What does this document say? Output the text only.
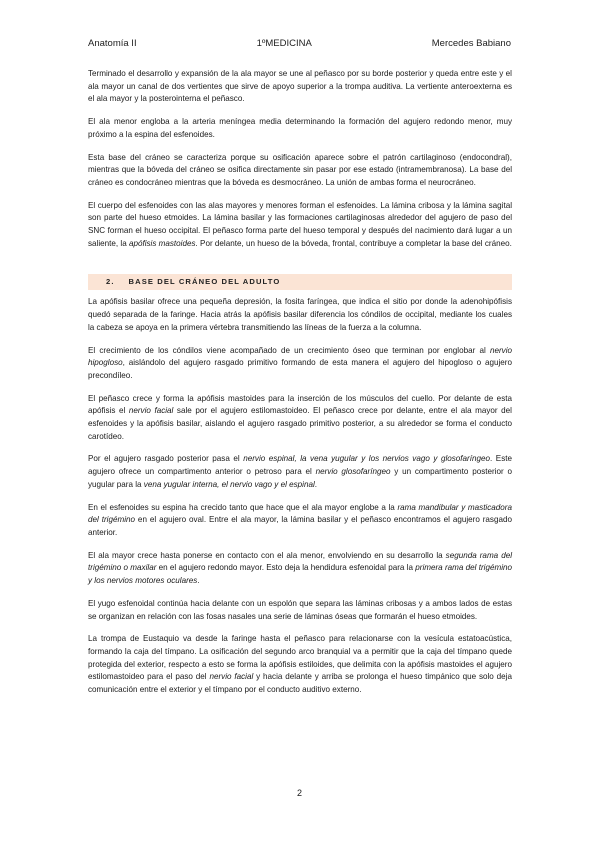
Anatomía II	1ºMEDICINA	Mercedes Babiano

Terminado el desarrollo y expansión de la ala mayor se une al peñasco por su borde posterior y queda entre este y el ala mayor un canal de dos vertientes que sirve de apoyo superior a la trompa auditiva. La vertiente anteroexterna es el ala mayor y la posterointerna el peñasco.

El ala menor engloba a la arteria meníngea media determinando la formación del agujero redondo menor, muy próximo a la espina del esfenoides.

Esta base del cráneo se caracteriza porque su osificación aparece sobre el patrón cartilaginoso (endocondral), mientras que la bóveda del cráneo se osifica directamente sin pasar por ese estado (intramembranosa). La base del cráneo es condocráneo mientras que la bóveda es desmocráneo. La unión de ambas forma el neurocráneo.

El cuerpo del esfenoides con las alas mayores y menores forman el esfenoides. La lámina cribosa y la lámina sagital son parte del hueso etmoides. La lámina basilar y las formaciones cartilaginosas alrededor del agujero de paso del SNC forman el hueso occipital. El peñasco forma parte del hueso temporal y después del nacimiento dará lugar a un saliente, la apófisis mastoides. Por delante, un hueso de la bóveda, frontal, contribuye a completar la base del cráneo.

2. BASE DEL CRÁNEO DEL ADULTO

La apófisis basilar ofrece una pequeña depresión, la fosita faríngea, que indica el sitio por donde la adenohipófisis quedó separada de la faringe. Hacia atrás la apófisis basilar diferencia los cóndilos de occipital, mediante los cuales la cabeza se apoya en la primera vértebra transmitiendo las líneas de la fuerza a la columna.

El crecimiento de los cóndilos viene acompañado de un crecimiento óseo que terminan por englobar al nervio hipogloso, aislándolo del agujero rasgado primitivo formando de esta manera el agujero del hipogloso o agujero precondíleo.

El peñasco crece y forma la apófisis mastoides para la inserción de los músculos del cuello. Por delante de esta apófisis el nervio facial sale por el agujero estilomastoideo. El peñasco crece por delante, entre el ala mayor del esfenoides y la apófisis basilar, aislando el agujero rasgado primitivo posterior, a su alrededor se forma el conducto carotídeo.

Por el agujero rasgado posterior pasa el nervio espinal, la vena yugular y los nervios vago y glosofaríngeo. Este agujero ofrece un compartimento anterior o petroso para el nervio glosofaríngeo y un compartimento posterior o yugular para la vena yugular interna, el nervio vago y el espinal.

En el esfenoides su espina ha crecido tanto que hace que el ala mayor englobe a la rama mandibular y masticadora del trigémino en el agujero oval. Entre el ala mayor, la lámina basilar y el peñasco encontramos el agujero rasgado anterior.

El ala mayor crece hasta ponerse en contacto con el ala menor, envolviendo en su desarrollo la segunda rama del trigémino o maxilar en el agujero redondo mayor. Esto deja la hendidura esfenoidal para la primera rama del trigémino y los nervios motores oculares.

El yugo esfenoidal continúa hacia delante con un espolón que separa las láminas cribosas y a ambos lados de estas se organizan en relación con las fosas nasales una serie de láminas óseas que formarán el hueso etmoides.

La trompa de Eustaquio va desde la faringe hasta el peñasco para relacionarse con la vesícula estatoacústica, formando la caja del tímpano. La osificación del segundo arco branquial va a permitir que la caja del tímpano quede protegida del exterior, respecto a esto se forma la apófisis estiloides, que delimita con la apófisis mastoides el agujero estilomastoideo para el paso del nervio facial y hacia delante y arriba se prolonga el hueso timpánico que solo deja comunicación entre el exterior y el tímpano por el conducto auditivo externo.

2
